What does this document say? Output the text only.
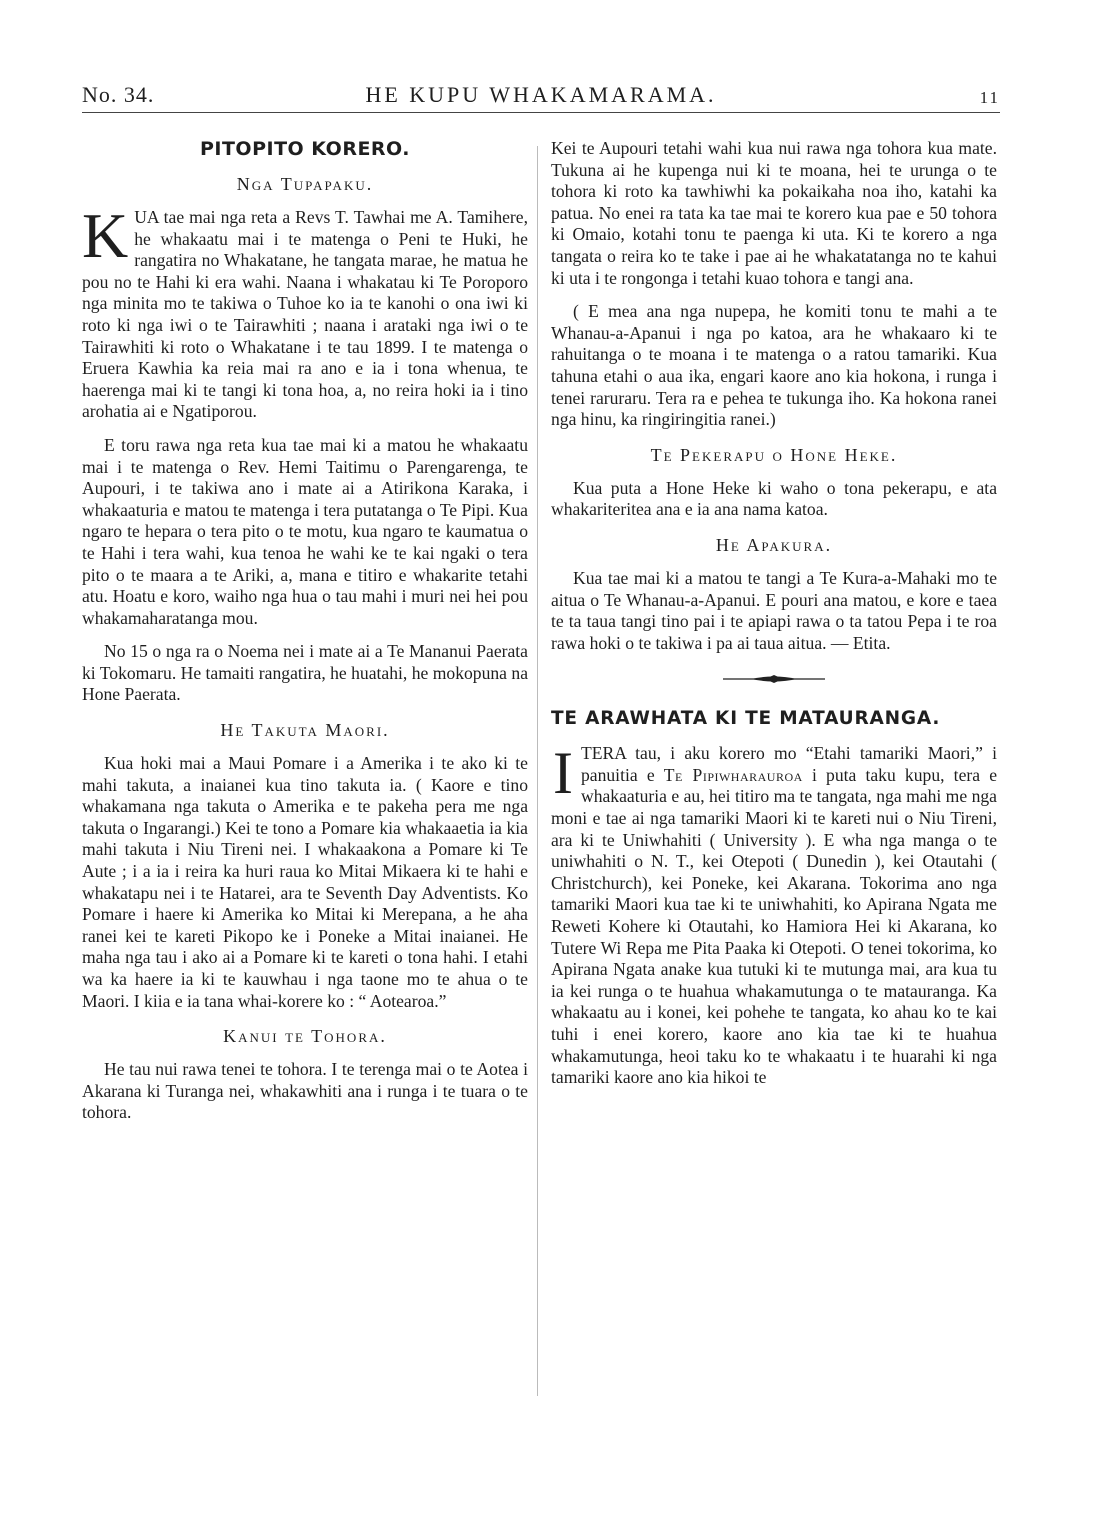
No. 34.	HE KUPU WHAKAMARAMA.	11
PITOPITO KORERO.
Nga Tupapaku.

KUA tae mai nga reta a Revs T. Tawhai me A. Tamihere, he whakaatu mai i te matenga o Peni te Huki, he rangatira no Whakatane, he tangata marae, he matua he pou no te Hahi ki era wahi. Naana i whakatau ki Te Poroporo nga minita mo te takiwa o Tuhoe ko ia te kanohi o ona iwi ki roto ki nga iwi o te Tairawhiti ; naana i arataki nga iwi o te Tairawhiti ki roto o Whakatane i te tau 1899. I te matenga o Eruera Kawhia ka reia mai ra ano e ia i tona whenua, te haerenga mai ki te tangi ki tona hoa, a, no reira hoki ia i tino arohatia ai e Ngatiporou.

E toru rawa nga reta kua tae mai ki a matou he whakaatu mai i te matenga o Rev. Hemi Taitimu o Parengarenga, te Aupouri, i te takiwa ano i mate ai a Atirikona Karaka, i whakaaturia e matou te matenga i tera putatanga o Te Pipi. Kua ngaro te hepara o tera pito o te motu, kua ngaro te kaumatua o te Hahi i tera wahi, kua tenoa he wahi ke te kai ngaki o tera pito o te maara a te Ariki, a, mana e titiro e whakarite tetahi atu. Hoatu e koro, waiho nga hua o tau mahi i muri nei hei pou whakamaharatanga mou.

No 15 o nga ra o Noema nei i mate ai a Te Mananui Paerata ki Tokomaru. He tamaiti rangatira, he huatahi, he mokopuna na Hone Paerata.

He Takuta Maori.

Kua hoki mai a Maui Pomare i a Amerika i te ako ki te mahi takuta, a inaianei kua tino takuta ia. ( Kaore e tino whakamana nga takuta o Amerika e te pakeha pera me nga takuta o Ingarangi.) Kei te tono a Pomare kia whakaaetia ia kia mahi takuta i Niu Tireni nei. I whakaakona a Pomare ki Te Aute ; i a ia i reira ka huri raua ko Mitai Mikaera ki te hahi e whakatapu nei i te Hatarei, ara te Seventh Day Adventists. Ko Pomare i haere ki Amerika ko Mitai ki Merepana, a he aha ranei kei te kareti Pikopo ke i Poneke a Mitai inaianei. He maha nga tau i ako ai a Pomare ki te kareti o tona hahi. I etahi wa ka haere ia ki te kauwhau i nga taone mo te ahua o te Maori. I kiia e ia tana whai-korere ko : “ Aotearoa.”

Kanui te Tohora.

He tau nui rawa tenei te tohora. I te terenga mai o te Aotea i Akarana ki Turanga nei, whakawhiti ana i runga i te tuara o te tohora.

Kei te Aupouri tetahi wahi kua nui rawa nga tohora kua mate. Tukuna ai he kupenga nui ki te moana, hei te urunga o te tohora ki roto ka tawhiwhi ka pokaikaha noa iho, katahi ka patua. No enei ra tata ka tae mai te korero kua pae e 50 tohora ki Omaio, kotahi tonu te paenga ki uta. Ki te korero a nga tangata o reira ko te take i pae ai he whakatatanga no te kahui ki uta i te rongonga i tetahi kuao tohora e tangi ana.

( E mea ana nga nupepa, he komiti tonu te mahi a te Whanau-a-Apanui i nga po katoa, ara he whakaaro ki te rahuitanga o te moana i te matenga o a ratou tamariki. Kua tahuna etahi o aua ika, engari kaore ano kia hokona, i runga i tenei raruraru. Tera ra e pehea te tukunga iho. Ka hokona ranei nga hinu, ka ringiringitia ranei.)

Te Pekerapu o Hone Heke.

Kua puta a Hone Heke ki waho o tona pekerapu, e ata whakariteritea ana e ia ana nama katoa.

He Apakura.

Kua tae mai ki a matou te tangi a Te Kura-a-Mahaki mo te aitua o Te Whanau-a-Apanui. E pouri ana matou, e kore e taea te ta taua tangi tino pai i te apiapi rawa o ta tatou Pepa i te roa rawa hoki o te takiwa i pa ai taua aitua. — Etita.

TE ARAWHATA KI TE MATAURANGA.

ITERA tau, i aku korero mo “Etahi tamariki Maori,” i panuitia e Te Pipiwharauroa i puta taku kupu, tera e whakaaturia e au, hei titiro ma te tangata, nga mahi me nga moni e tae ai nga tamariki Maori ki te kareti nui o Niu Tireni, ara ki te Uniwhahiti ( University ). E wha nga manga o te uniwhahiti o N. T., kei Otepoti ( Dunedin ), kei Otautahi ( Christchurch), kei Poneke, kei Akarana. Tokorima ano nga tamariki Maori kua tae ki te uniwhahiti, ko Apirana Ngata me Reweti Kohere ki Otautahi, ko Hamiora Hei ki Akarana, ko Tutere Wi Repa me Pita Paaka ki Otepoti. O tenei tokorima, ko Apirana Ngata anake kua tutuki ki te mutunga mai, ara kua tu ia kei runga o te huahua whakamutunga o te matauranga. Ka whakaatu au i konei, kei pohehe te tangata, ko ahau ko te kai tuhi i enei korero, kaore ano kia tae ki te huahua whakamutunga, heoi taku ko te whakaatu i te huarahi ki nga tamariki kaore ano kia hikoi te
